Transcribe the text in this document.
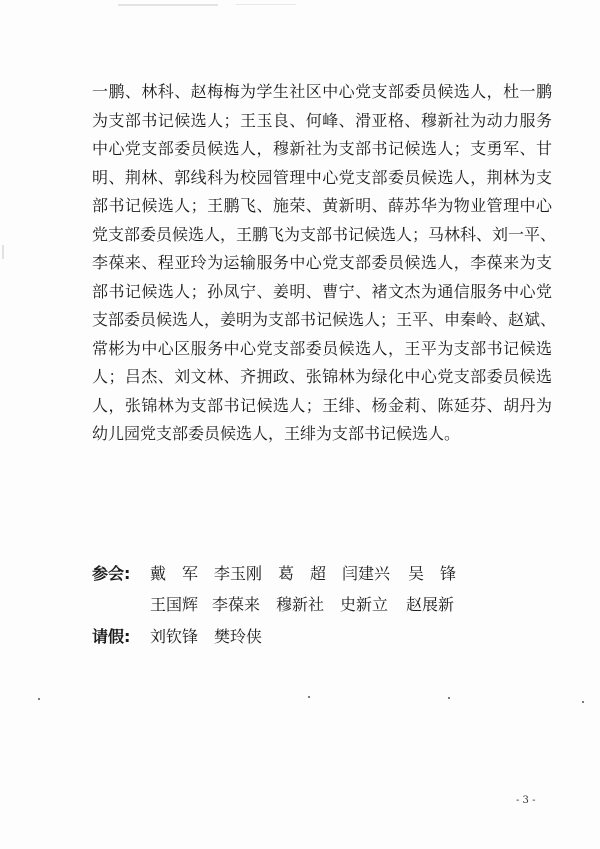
一鹏、林科、赵梅梅为学生社区中心党支部委员候选人，杜一鹏
为支部书记候选人；王玉良、何峰、滑亚格、穆新社为动力服务
中心党支部委员候选人，穆新社为支部书记候选人；支勇军、甘
明、荆林、郭线科为校园管理中心党支部委员候选人，荆林为支
部书记候选人；王鹏飞、施荣、黄新明、薛苏华为物业管理中心
党支部委员候选人，王鹏飞为支部书记候选人；马林科、刘一平、
李葆来、程亚玲为运输服务中心党支部委员候选人，李葆来为支
部书记候选人；孙凤宁、姜明、曹宁、褚文杰为通信服务中心党
支部委员候选人，姜明为支部书记候选人；王平、申秦岭、赵斌、
常彬为中心区服务中心党支部委员候选人，王平为支部书记候选
人；吕杰、刘文林、齐拥政、张锦林为绿化中心党支部委员候选
人，张锦林为支部书记候选人；王绯、杨金莉、陈延芬、胡丹为
幼儿园党支部委员候选人，王绯为支部书记候选人。
参会: 戴　军 李玉刚 葛　超 闫建兴 吴　锋
王国辉 李葆来 穆新社 史新立 赵展新
请假: 刘钦锋 樊玲侠
- 3 -
